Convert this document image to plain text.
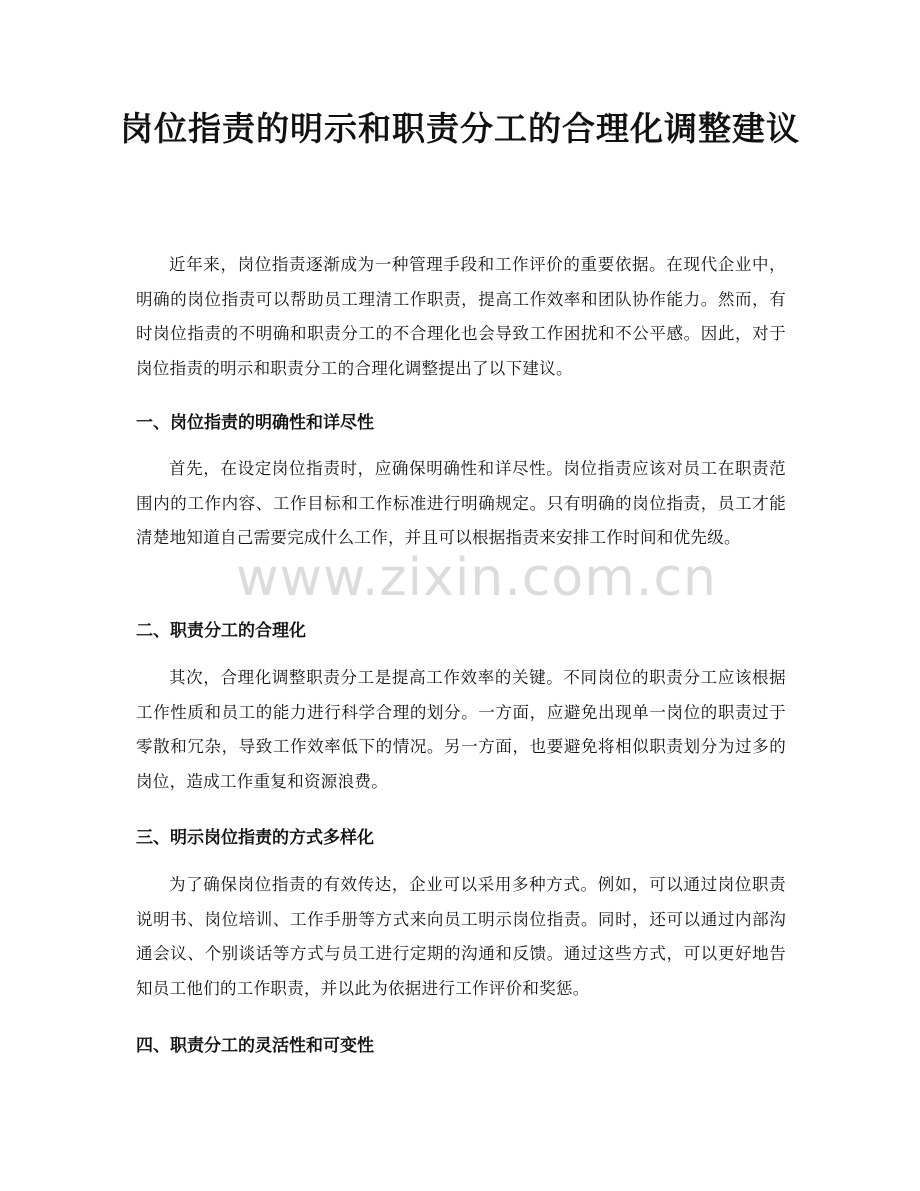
岗位指责的明示和职责分工的合理化调整建议
近年来，岗位指责逐渐成为一种管理手段和工作评价的重要依据。在现代企业中，明确的岗位指责可以帮助员工理清工作职责，提高工作效率和团队协作能力。然而，有时岗位指责的不明确和职责分工的不合理化也会导致工作困扰和不公平感。因此，对于岗位指责的明示和职责分工的合理化调整提出了以下建议。
一、岗位指责的明确性和详尽性
首先，在设定岗位指责时，应确保明确性和详尽性。岗位指责应该对员工在职责范围内的工作内容、工作目标和工作标准进行明确规定。只有明确的岗位指责，员工才能清楚地知道自己需要完成什么工作，并且可以根据指责来安排工作时间和优先级。
二、职责分工的合理化
其次，合理化调整职责分工是提高工作效率的关键。不同岗位的职责分工应该根据工作性质和员工的能力进行科学合理的划分。一方面，应避免出现单一岗位的职责过于零散和冗杂，导致工作效率低下的情况。另一方面，也要避免将相似职责划分为过多的岗位，造成工作重复和资源浪费。
三、明示岗位指责的方式多样化
为了确保岗位指责的有效传达，企业可以采用多种方式。例如，可以通过岗位职责说明书、岗位培训、工作手册等方式来向员工明示岗位指责。同时，还可以通过内部沟通会议、个别谈话等方式与员工进行定期的沟通和反馈。通过这些方式，可以更好地告知员工他们的工作职责，并以此为依据进行工作评价和奖惩。
四、职责分工的灵活性和可变性
www.zixin.com.cn
